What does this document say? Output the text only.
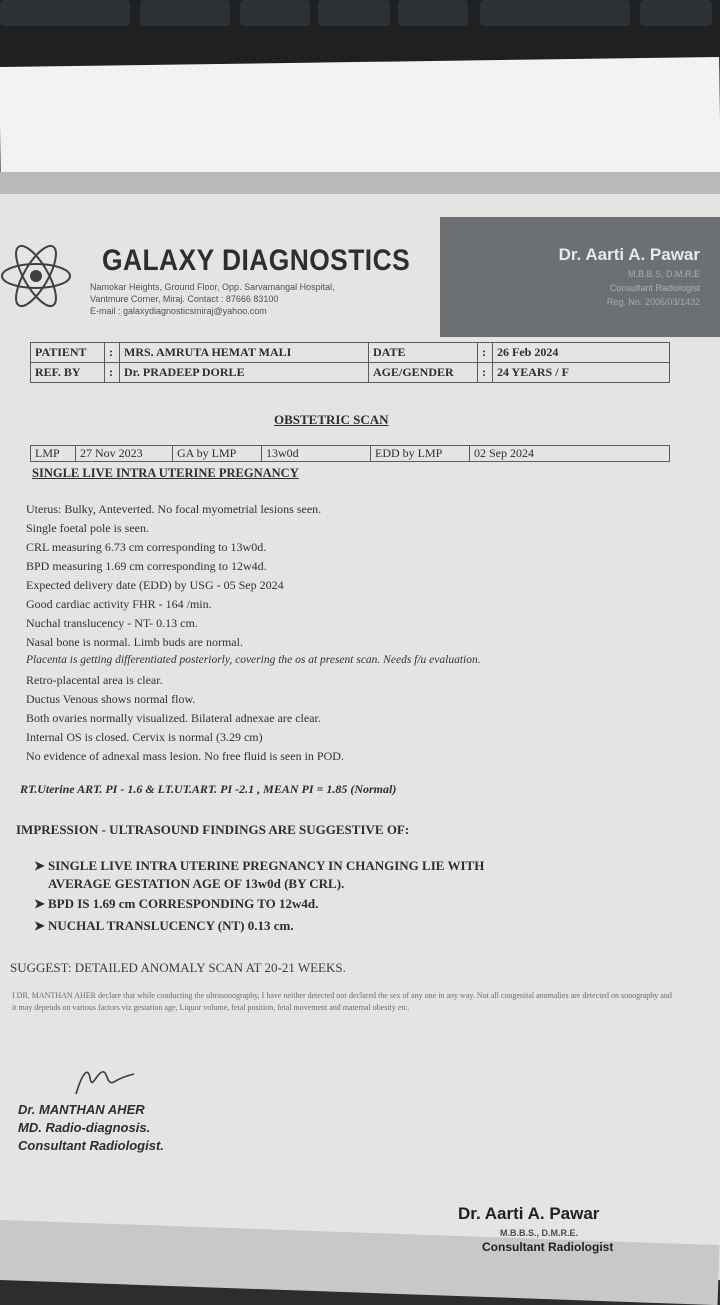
Dr. Aarti A. Pawar
M.B.B.S, D.M.R.E
Consultant Radiologist
Reg. No. 2005/03/1432
GALAXY DIAGNOSTICS
Namokar Heights, Ground Floor, Opp. Sarvamangal Hospital,
Vantmure Corner, Miraj. Contact : 87666 83100
E-mail : galaxydiagnosticsmiraj@yahoo.com
PATIENT	:	MRS. AMRUTA HEMAT MALI	DATE	:	26 Feb 2024
REF. BY	:	Dr. PRADEEP DORLE	AGE/GENDER	:	24 YEARS / F
OBSTETRIC SCAN
LMP	27 Nov 2023	GA by LMP	13w0d	EDD by LMP	02 Sep 2024
SINGLE LIVE INTRA UTERINE PREGNANCY
Uterus: Bulky, Anteverted. No focal myometrial lesions seen.
Single foetal pole is seen.
CRL measuring 6.73 cm corresponding to 13w0d.
BPD measuring 1.69 cm corresponding to 12w4d.
Expected delivery date (EDD) by USG - 05 Sep 2024
Good cardiac activity FHR - 164 /min.
Nuchal translucency - NT- 0.13 cm.
Nasal bone is normal. Limb buds are normal.
Placenta is getting differentiated posteriorly, covering the os at present scan. Needs f/u evaluation.
Retro-placental area is clear.
Ductus Venous shows normal flow.
Both ovaries normally visualized. Bilateral adnexae are clear.
Internal OS is closed. Cervix is normal (3.29 cm)
No evidence of adnexal mass lesion. No free fluid is seen in POD.
RT.Uterine ART. PI - 1.6 & LT.UT.ART. PI -2.1 , MEAN PI = 1.85 (Normal)
IMPRESSION - ULTRASOUND FINDINGS ARE SUGGESTIVE OF:
➤ SINGLE LIVE INTRA UTERINE PREGNANCY IN CHANGING LIE WITH
AVERAGE GESTATION AGE OF 13w0d (BY CRL).
➤ BPD IS 1.69 cm CORRESPONDING TO 12w4d.
➤ NUCHAL TRANSLUCENCY (NT) 0.13 cm.
SUGGEST: DETAILED ANOMALY SCAN AT 20-21 WEEKS.
I DR. MANTHAN AHER declare that while conducting the ultrasonography, I have neither detected nor declared the sex of any one in any way. Not all congenital anomalies are detected on sonography and it may depends on various factors viz gestation age, Liquor volume, fetal position, fetal movement and maternal obesity etc.
Dr. MANTHAN AHER
MD. Radio-diagnosis.
Consultant Radiologist.
Dr. Aarti A. Pawar
M.B.B.S., D.M.R.E.
Consultant Radiologist
